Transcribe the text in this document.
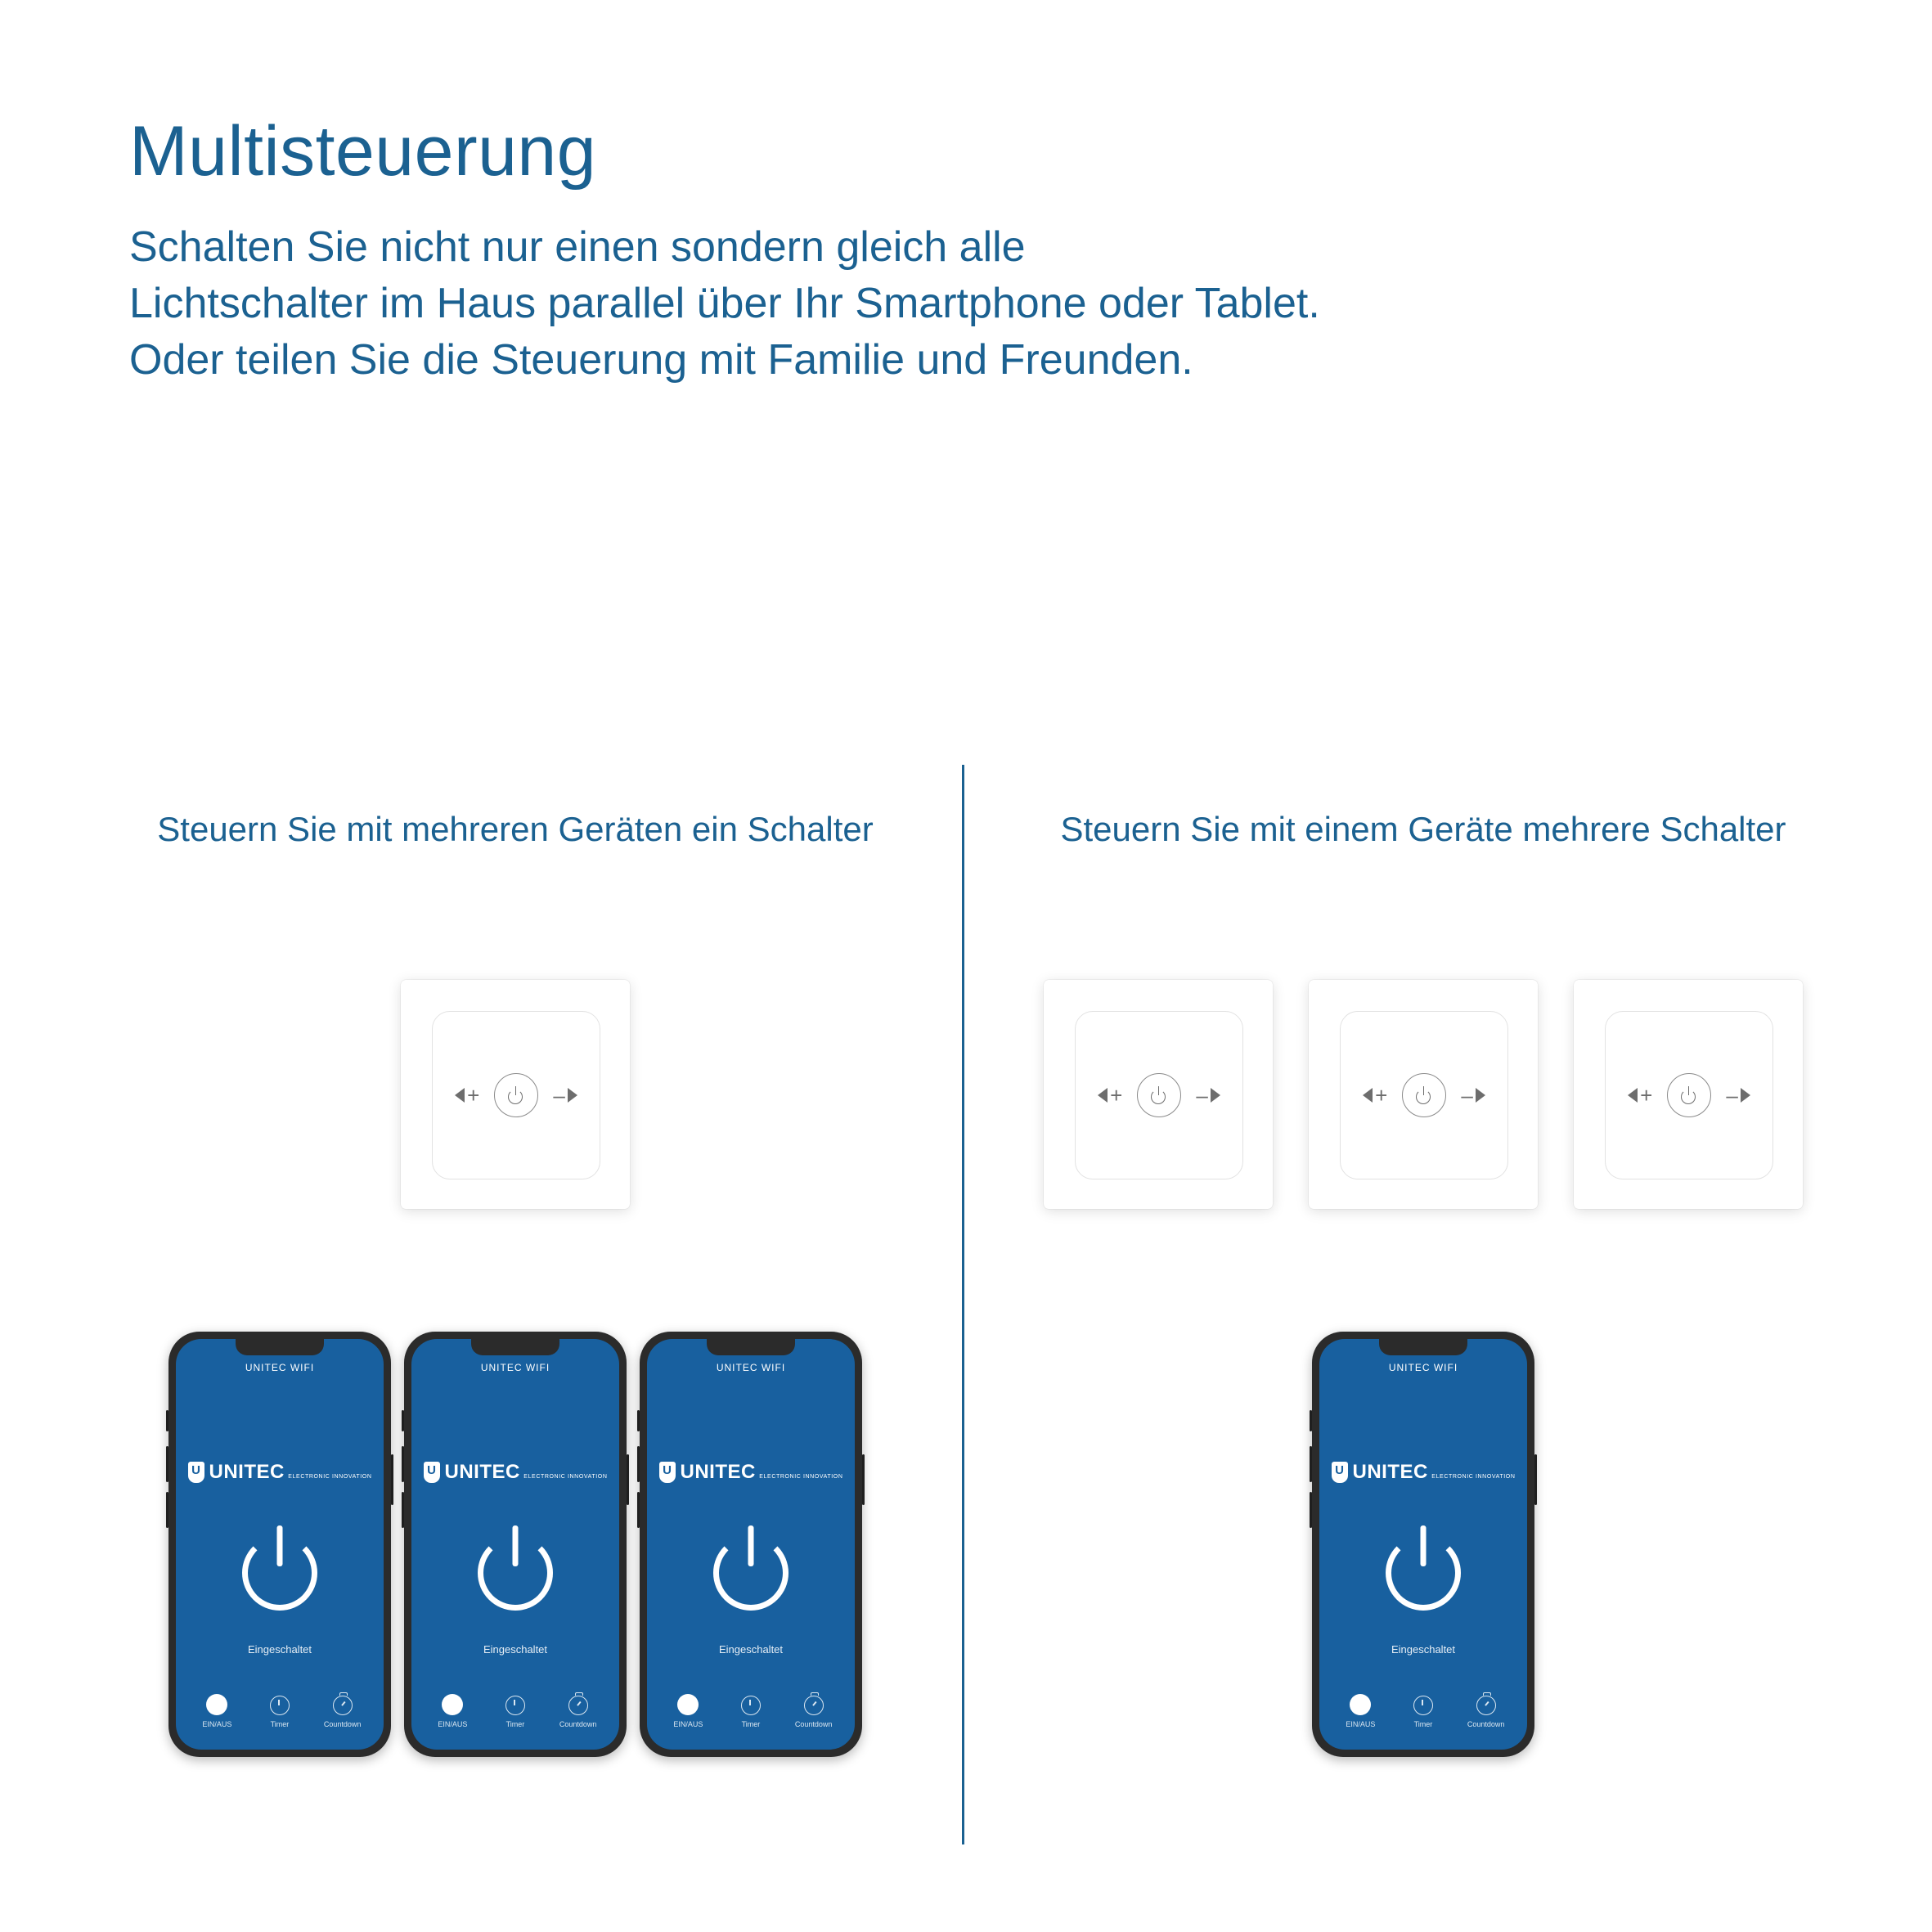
Multisteuerung
Schalten Sie nicht nur einen sondern gleich alle
Lichtschalter im Haus parallel über Ihr Smartphone oder Tablet.
Oder teilen Sie die Steuerung mit Familie und Freunden.

Steuern Sie mit mehreren Geräten ein Schalter

+	–
UNITEC WIFI
U
UNITEC ELECTRONIC INNOVATION
Eingeschaltet
EIN/AUS	Timer	Countdown
UNITEC WIFI
U
UNITEC ELECTRONIC INNOVATION
Eingeschaltet
EIN/AUS	Timer	Countdown
UNITEC WIFI
U
UNITEC ELECTRONIC INNOVATION
Eingeschaltet
EIN/AUS	Timer	Countdown

Steuern Sie mit einem Geräte mehrere Schalter

+	–	+	–	+	–
UNITEC WIFI
U
UNITEC ELECTRONIC INNOVATION
Eingeschaltet
EIN/AUS	Timer	Countdown
